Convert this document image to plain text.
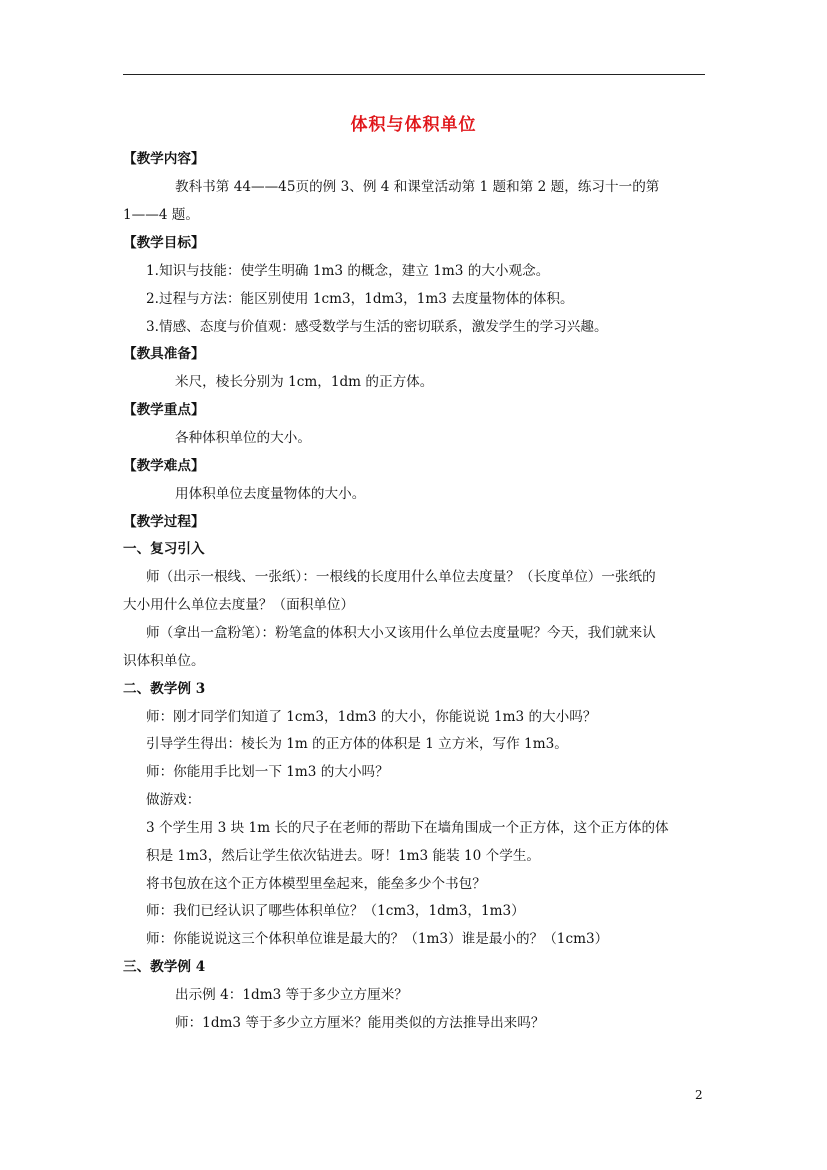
体积与体积单位
【教学内容】
教科书第 44——45页的例 3、例 4 和课堂活动第 1 题和第 2 题，练习十一的第
1——4 题。
【教学目标】
1.知识与技能：使学生明确 1m3 的概念，建立 1m3 的大小观念。
2.过程与方法：能区别使用 1cm3，1dm3，1m3 去度量物体的体积。
3.情感、态度与价值观：感受数学与生活的密切联系，激发学生的学习兴趣。
【教具准备】
米尺，棱长分别为 1cm，1dm 的正方体。
【教学重点】
各种体积单位的大小。
【教学难点】
用体积单位去度量物体的大小。
【教学过程】
一、复习引入
师（出示一根线、一张纸）：一根线的长度用什么单位去度量？（长度单位）一张纸的
大小用什么单位去度量？（面积单位）
师（拿出一盒粉笔）：粉笔盒的体积大小又该用什么单位去度量呢？今天，我们就来认
识体积单位。
二、教学例 3
师：刚才同学们知道了 1cm3，1dm3 的大小，你能说说 1m3 的大小吗？
引导学生得出：棱长为 1m 的正方体的体积是 1 立方米，写作 1m3。
师：你能用手比划一下 1m3 的大小吗？
做游戏：
3 个学生用 3 块 1m 长的尺子在老师的帮助下在墙角围成一个正方体，这个正方体的体
积是 1m3，然后让学生依次钻进去。呀！1m3 能装 10 个学生。
将书包放在这个正方体模型里垒起来，能垒多少个书包？
师：我们已经认识了哪些体积单位？（1cm3，1dm3，1m3）
师：你能说说这三个体积单位谁是最大的？（1m3）谁是最小的？（1cm3）
三、教学例 4
出示例 4：1dm3 等于多少立方厘米？
师：1dm3 等于多少立方厘米？能用类似的方法推导出来吗？
2
